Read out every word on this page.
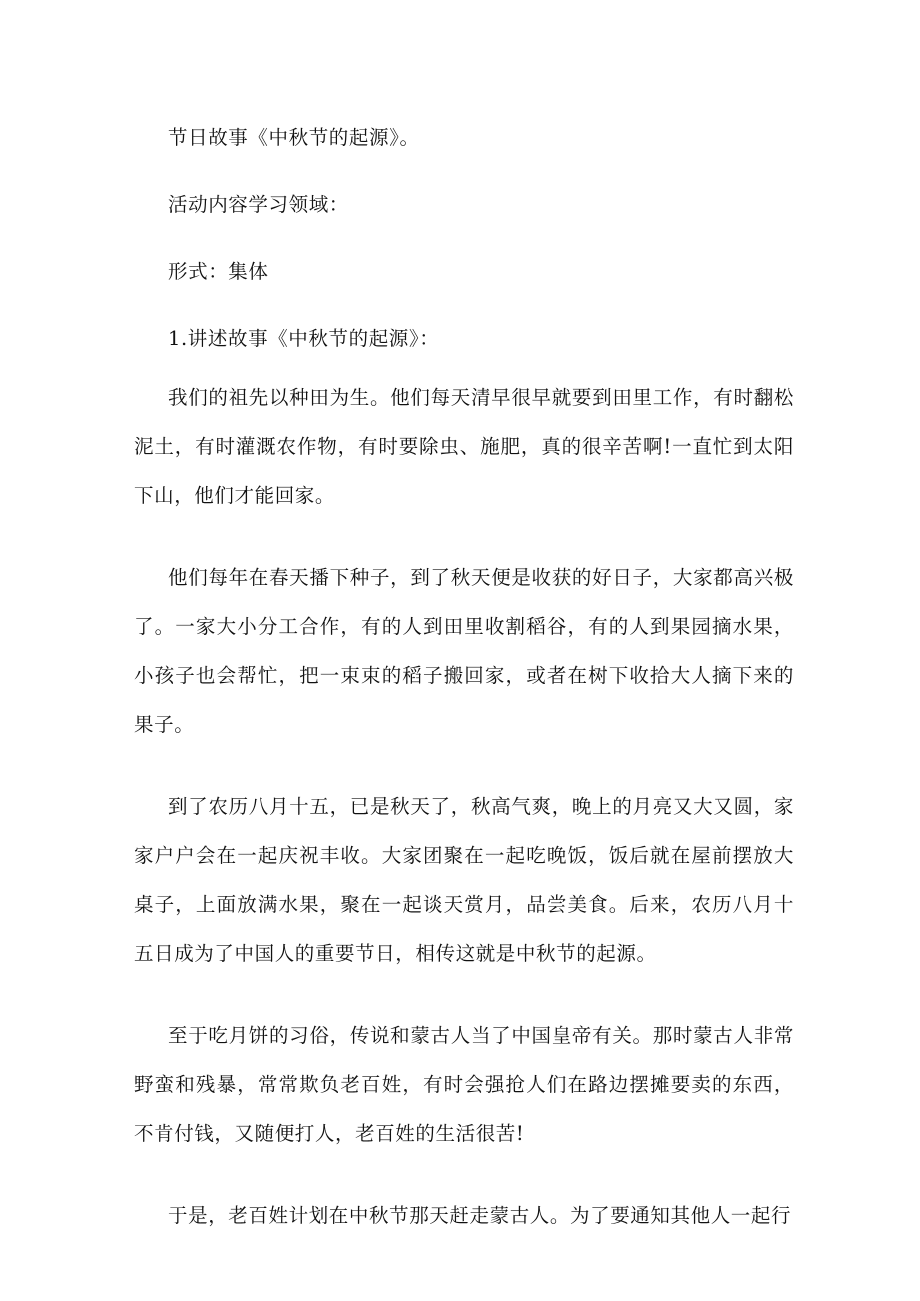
节日故事《中秋节的起源》。

活动内容学习领域：

形式：集体

1.讲述故事《中秋节的起源》：

我们的祖先以种田为生。他们每天清早很早就要到田里工作，有时翻松泥土，有时灌溉农作物，有时要除虫、施肥，真的很辛苦啊!一直忙到太阳下山，他们才能回家。

他们每年在春天播下种子，到了秋天便是收获的好日子，大家都高兴极了。一家大小分工合作，有的人到田里收割稻谷，有的人到果园摘水果，小孩子也会帮忙，把一束束的稻子搬回家，或者在树下收拾大人摘下来的果子。

到了农历八月十五，已是秋天了，秋高气爽，晚上的月亮又大又圆，家家户户会在一起庆祝丰收。大家团聚在一起吃晚饭，饭后就在屋前摆放大桌子，上面放满水果，聚在一起谈天赏月，品尝美食。后来，农历八月十五日成为了中国人的重要节日，相传这就是中秋节的起源。

至于吃月饼的习俗，传说和蒙古人当了中国皇帝有关。那时蒙古人非常野蛮和残暴，常常欺负老百姓，有时会强抢人们在路边摆摊要卖的东西，不肯付钱，又随便打人，老百姓的生活很苦!

于是，老百姓计划在中秋节那天赶走蒙古人。为了要通知其他人一起行
